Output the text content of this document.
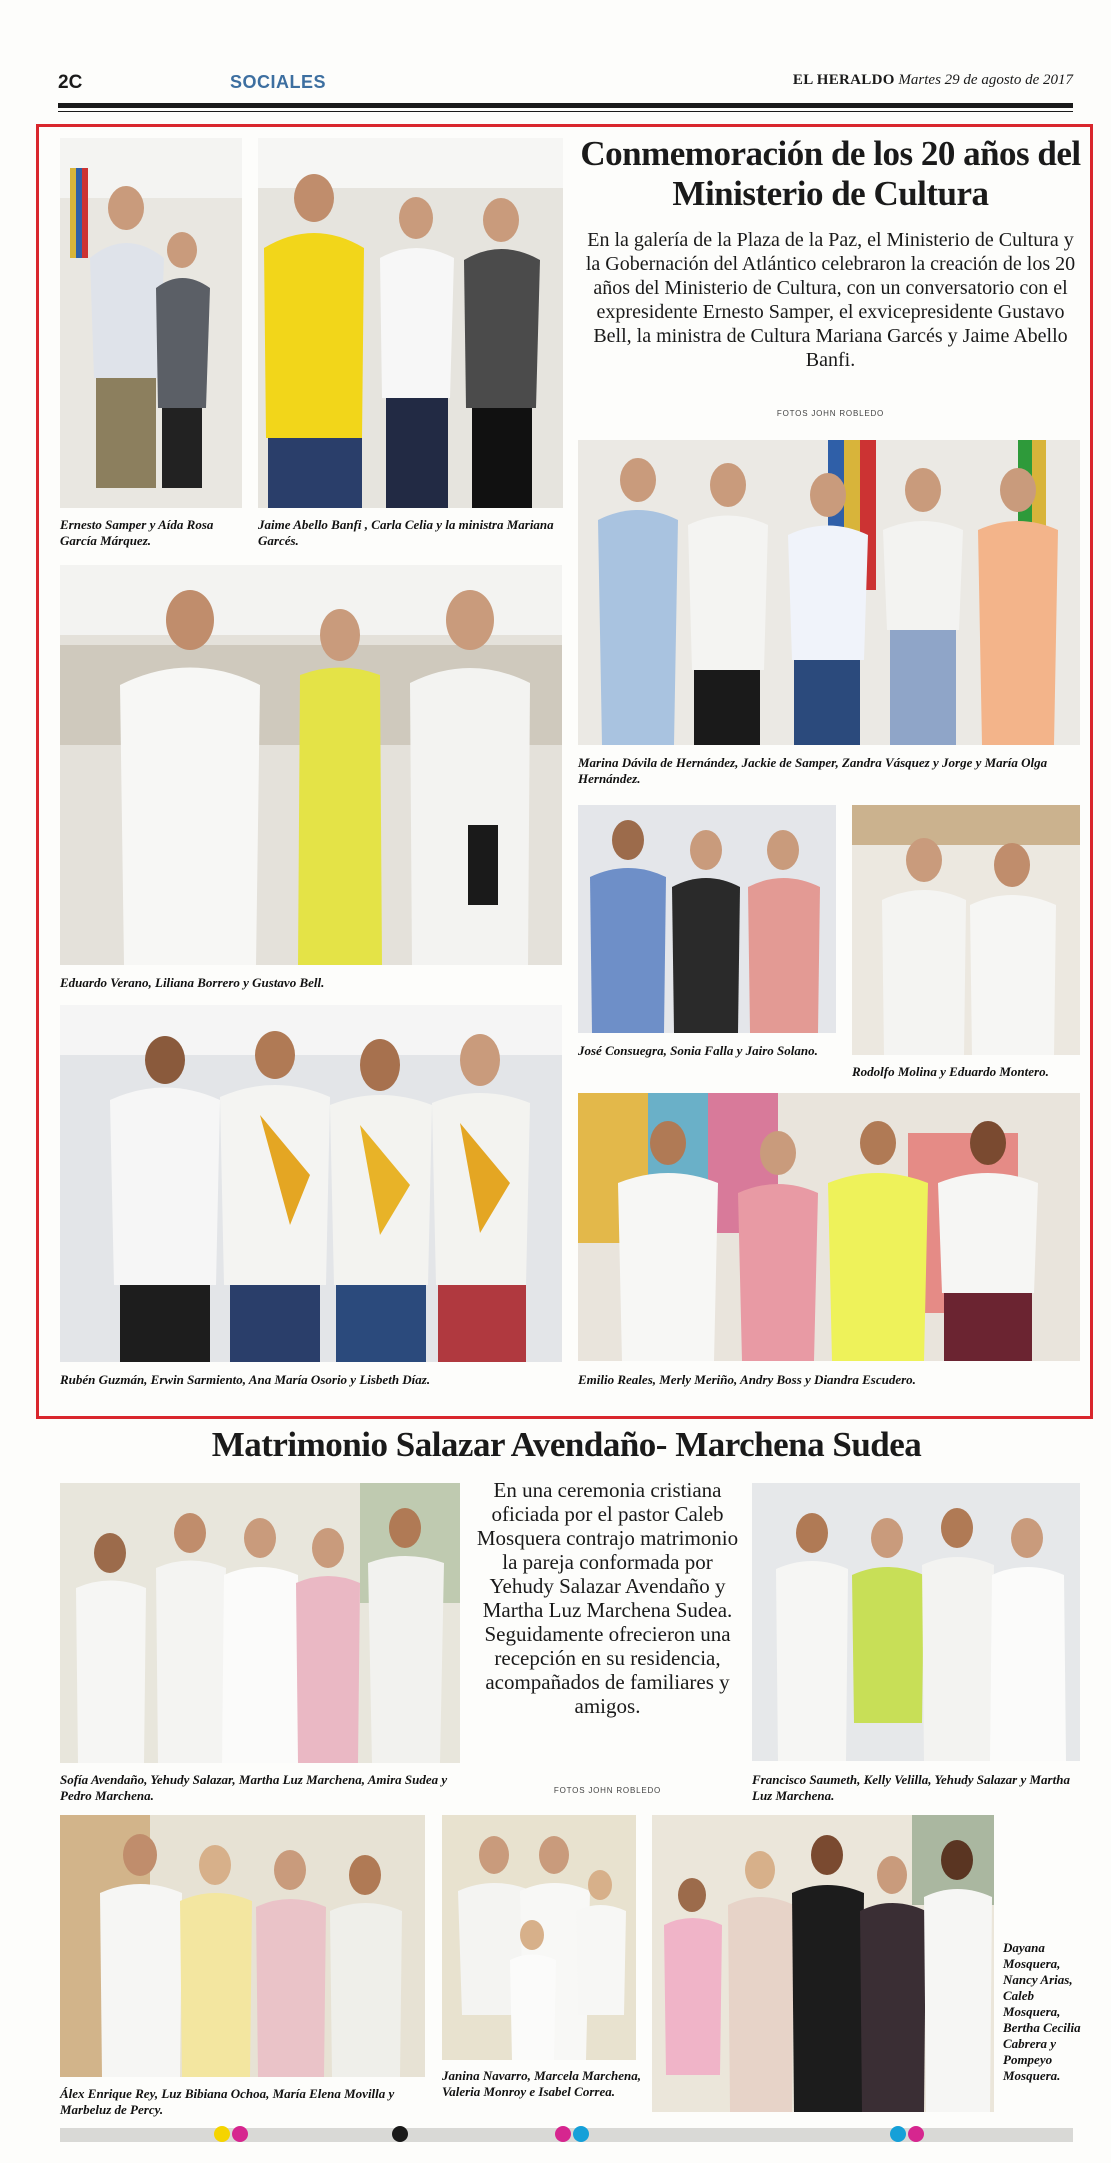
2C	SOCIALES	EL HERALDO Martes 29 de agosto de 2017
Ernesto Samper y Aída Rosa García Márquez.
Jaime Abello Banfi , Carla Celia y la ministra Mariana Garcés.
Eduardo Verano, Liliana Borrero y Gustavo Bell.
Rubén Guzmán, Erwin Sarmiento, Ana María Osorio y Lisbeth Díaz.
Conmemoración de los 20 años del Ministerio de Cultura
En la galería de la Plaza de la Paz, el Ministerio de Cultura y la Gobernación del Atlántico celebraron la creación de los 20 años del Ministerio de Cultura, con un conversatorio con el expresidente Ernesto Samper, el exvicepresidente Gustavo Bell, la ministra de Cultura Mariana Garcés y Jaime Abello Banfi.
FOTOS JOHN ROBLEDO
Marina Dávila de Hernández, Jackie de Samper, Zandra Vásquez y Jorge y María Olga Hernández.
José Consuegra, Sonia Falla y Jairo Solano.
Rodolfo Molina y Eduardo Montero.
Emilio Reales, Merly Meriño, Andry Boss y Diandra Escudero.
Matrimonio Salazar Avendaño- Marchena Sudea
En una ceremonia cristiana oficiada por el pastor Caleb Mosquera contrajo matrimonio la pareja conformada por Yehudy Salazar Avendaño y Martha Luz Marchena Sudea. Seguidamente ofrecieron una recepción en su residencia, acompañados de familiares y amigos.
FOTOS JOHN ROBLEDO
Sofía Avendaño, Yehudy Salazar, Martha Luz Marchena, Amira Sudea y Pedro Marchena.
Francisco Saumeth, Kelly Velilla, Yehudy Salazar y Martha Luz Marchena.
Álex Enrique Rey, Luz Bibiana Ochoa, María Elena Movilla y Marbeluz de Percy.
Janina Navarro, Marcela Marchena, Valeria Monroy e Isabel Correa.
Dayana Mosquera, Nancy Arias, Caleb Mosquera, Bertha Cecilia Cabrera y Pompeyo Mosquera.
